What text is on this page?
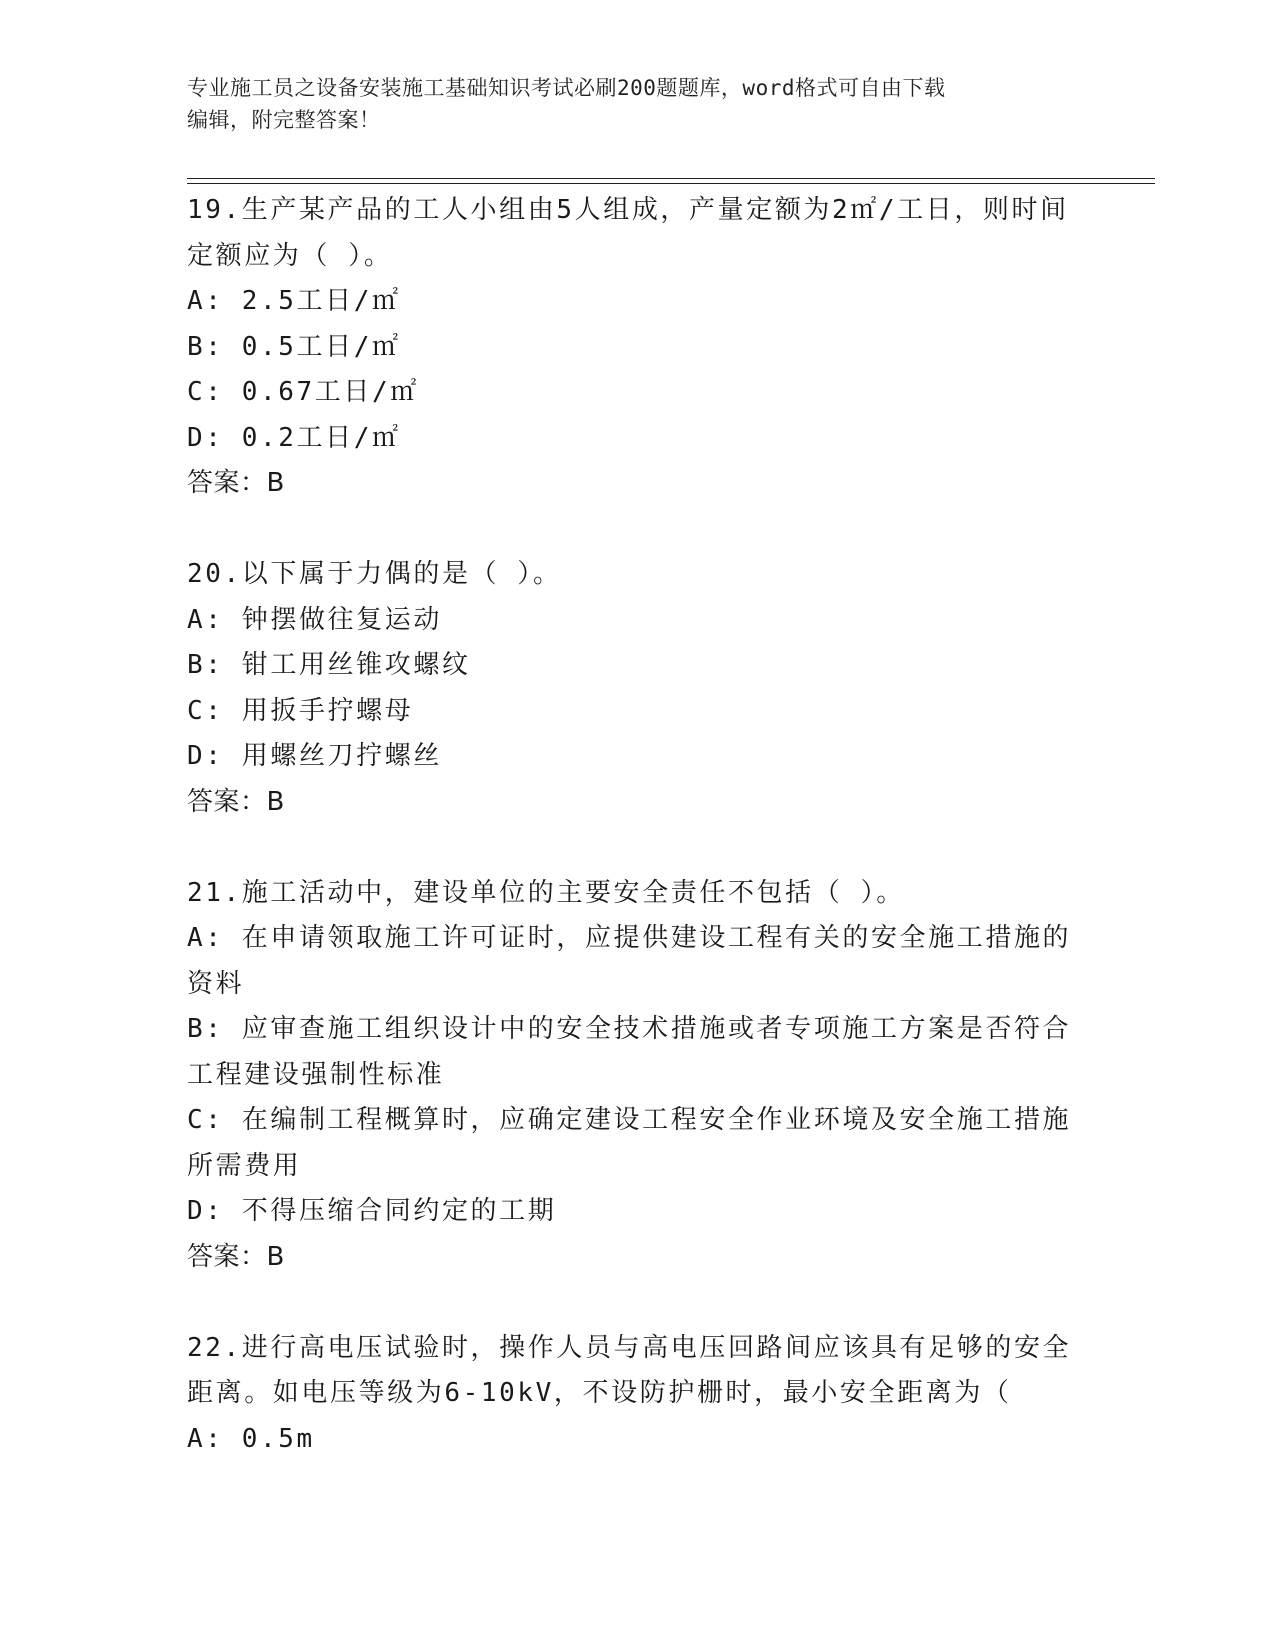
专业施工员之设备安装施工基础知识考试必刷200题题库，word格式可自由下载
编辑，附完整答案！
19.生产某产品的工人小组由5人组成，产量定额为2㎡/工日，则时间
定额应为（ ）。
A: 2.5工日/㎡
B: 0.5工日/㎡
C: 0.67工日/㎡
D: 0.2工日/㎡
答案：B
20.以下属于力偶的是（ ）。
A: 钟摆做往复运动
B: 钳工用丝锥攻螺纹
C: 用扳手拧螺母
D: 用螺丝刀拧螺丝
答案：B
21.施工活动中，建设单位的主要安全责任不包括（ ）。
A: 在申请领取施工许可证时，应提供建设工程有关的安全施工措施的
资料
B: 应审查施工组织设计中的安全技术措施或者专项施工方案是否符合
工程建设强制性标准
C: 在编制工程概算时，应确定建设工程安全作业环境及安全施工措施
所需费用
D: 不得压缩合同约定的工期
答案：B
22.进行高电压试验时，操作人员与高电压回路间应该具有足够的安全
距离。如电压等级为6-10kV，不设防护栅时，最小安全距离为（
A: 0.5m
